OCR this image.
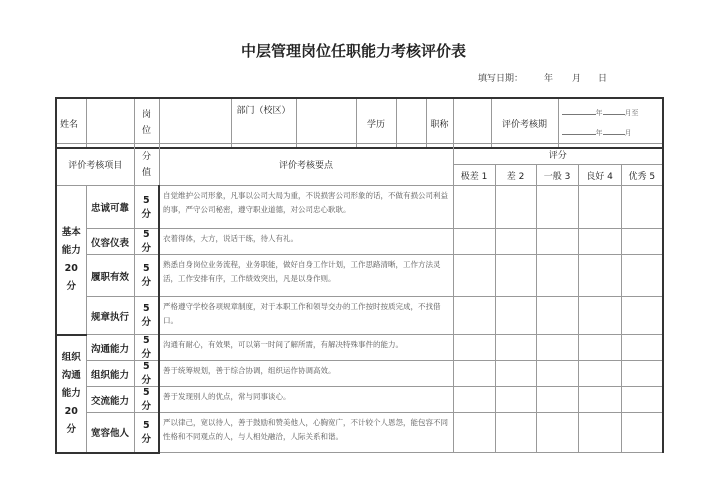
中层管理岗位任职能力考核评价表
填写日期： 年 月 日
姓名		岗
位		部门（校区）		学历		职称		评价考核期	
年	月至
年	月
评价考核项目		分
值	评价考核要点	评分				
				极差 1	差 2	一般 3	良好 4	优秀 5
基本
能力
20 分	忠诚可靠	5 分	自觉维护公司形象，凡事以公司大局为重，不说损害公司形象的话，不做有损公司利益的事，严守公司秘密，遵守职业道德，对公司忠心耿耿。					
	仪容仪表	5 分	衣着得体，大方，说话干练，待人有礼。					
	履职有效	5 分	熟悉自身岗位业务流程，业务职能，做好自身工作计划，工作思路清晰，工作方法灵活，工作安排有序，工作绩效突出，凡是以身作则。					
	规章执行	5 分	严格遵守学校各项规章制度，对于本职工作和领导交办的工作按时按质完成，不找借口。					
组织
沟通
能力
20 分	沟通能力	5 分	沟通有耐心，有效果，可以第一时间了解所需，有解决特殊事件的能力。					
	组织能力	5 分	善于统筹规划，善于综合协调，组织运作协调高效。					
	交流能力	5 分	善于发现别人的优点，常与同事谈心。					
	宽容他人	5 分	严以律己，宽以待人，善于鼓励和赞美他人，心胸宽广，不计较个人恩怨，能包容不同性格和不同观点的人，与人相处融洽，人际关系和谐。					
